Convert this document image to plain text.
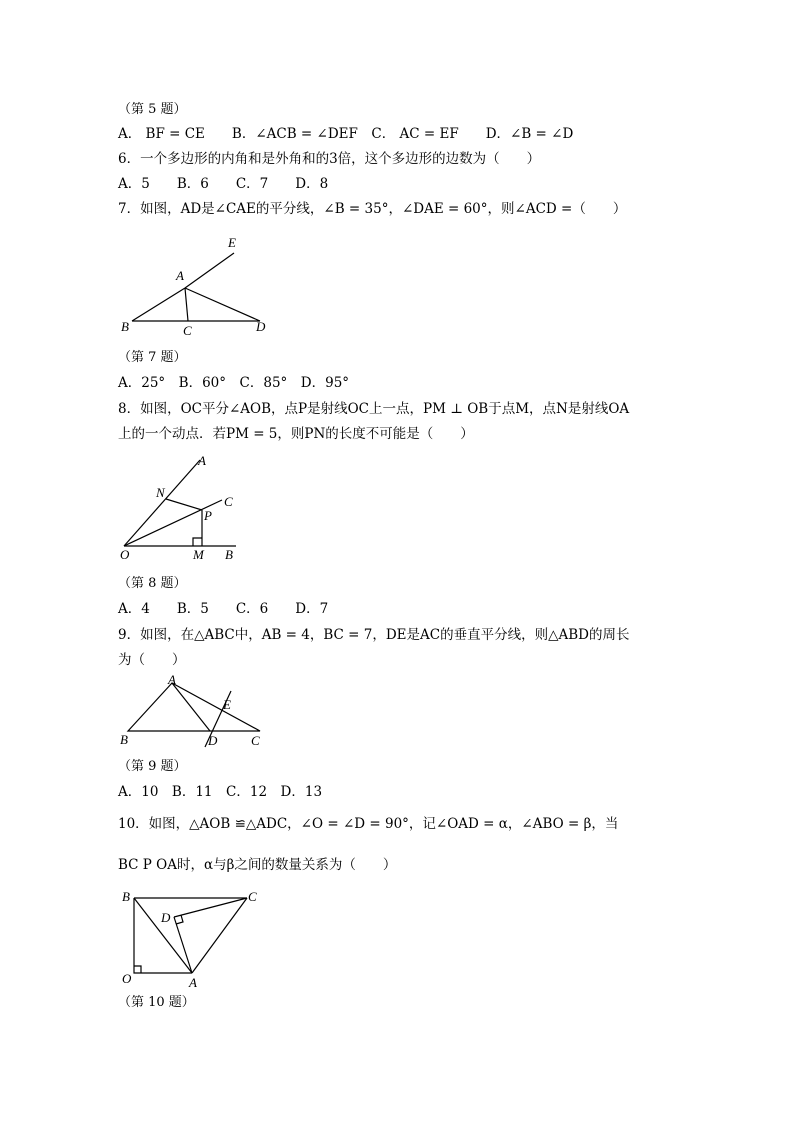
（第 5 题）
A． BF = CE　　B．∠ACB = ∠DEF　C． AC = EF　　D．∠B = ∠D
6．一个多边形的内角和是外角和的3倍，这个多边形的边数为（　　）
A．5　　B．6　　C．7　　D．8
7．如图，AD是∠CAE的平分线，∠B = 35°，∠DAE = 60°，则∠ACD =（　　）
E
A
B	C	D
（第 7 题）
A．25°　B．60°　C．85°　D．95°
8．如图，OC平分∠AOB，点P是射线OC上一点，PM ⊥ OB于点M，点N是射线OA
上的一个动点．若PM = 5，则PN的长度不可能是（　　）
A
N
C
P
O	M B
（第 8 题）
A．4　　B．5　　C．6　　D．7
9．如图，在△ABC中，AB = 4，BC = 7，DE是AC的垂直平分线，则△ABD的周长
为（　　）
A
E
B	D	C
（第 9 题）
A．10　B．11　C．12　D．13
10．如图，△AOB ≌△ADC，∠O = ∠D = 90°，记∠OAD = α，∠ABO = β，当
BC P OA时，α与β之间的数量关系为（　　）
B	C
D
O	A
（第 10 题）
